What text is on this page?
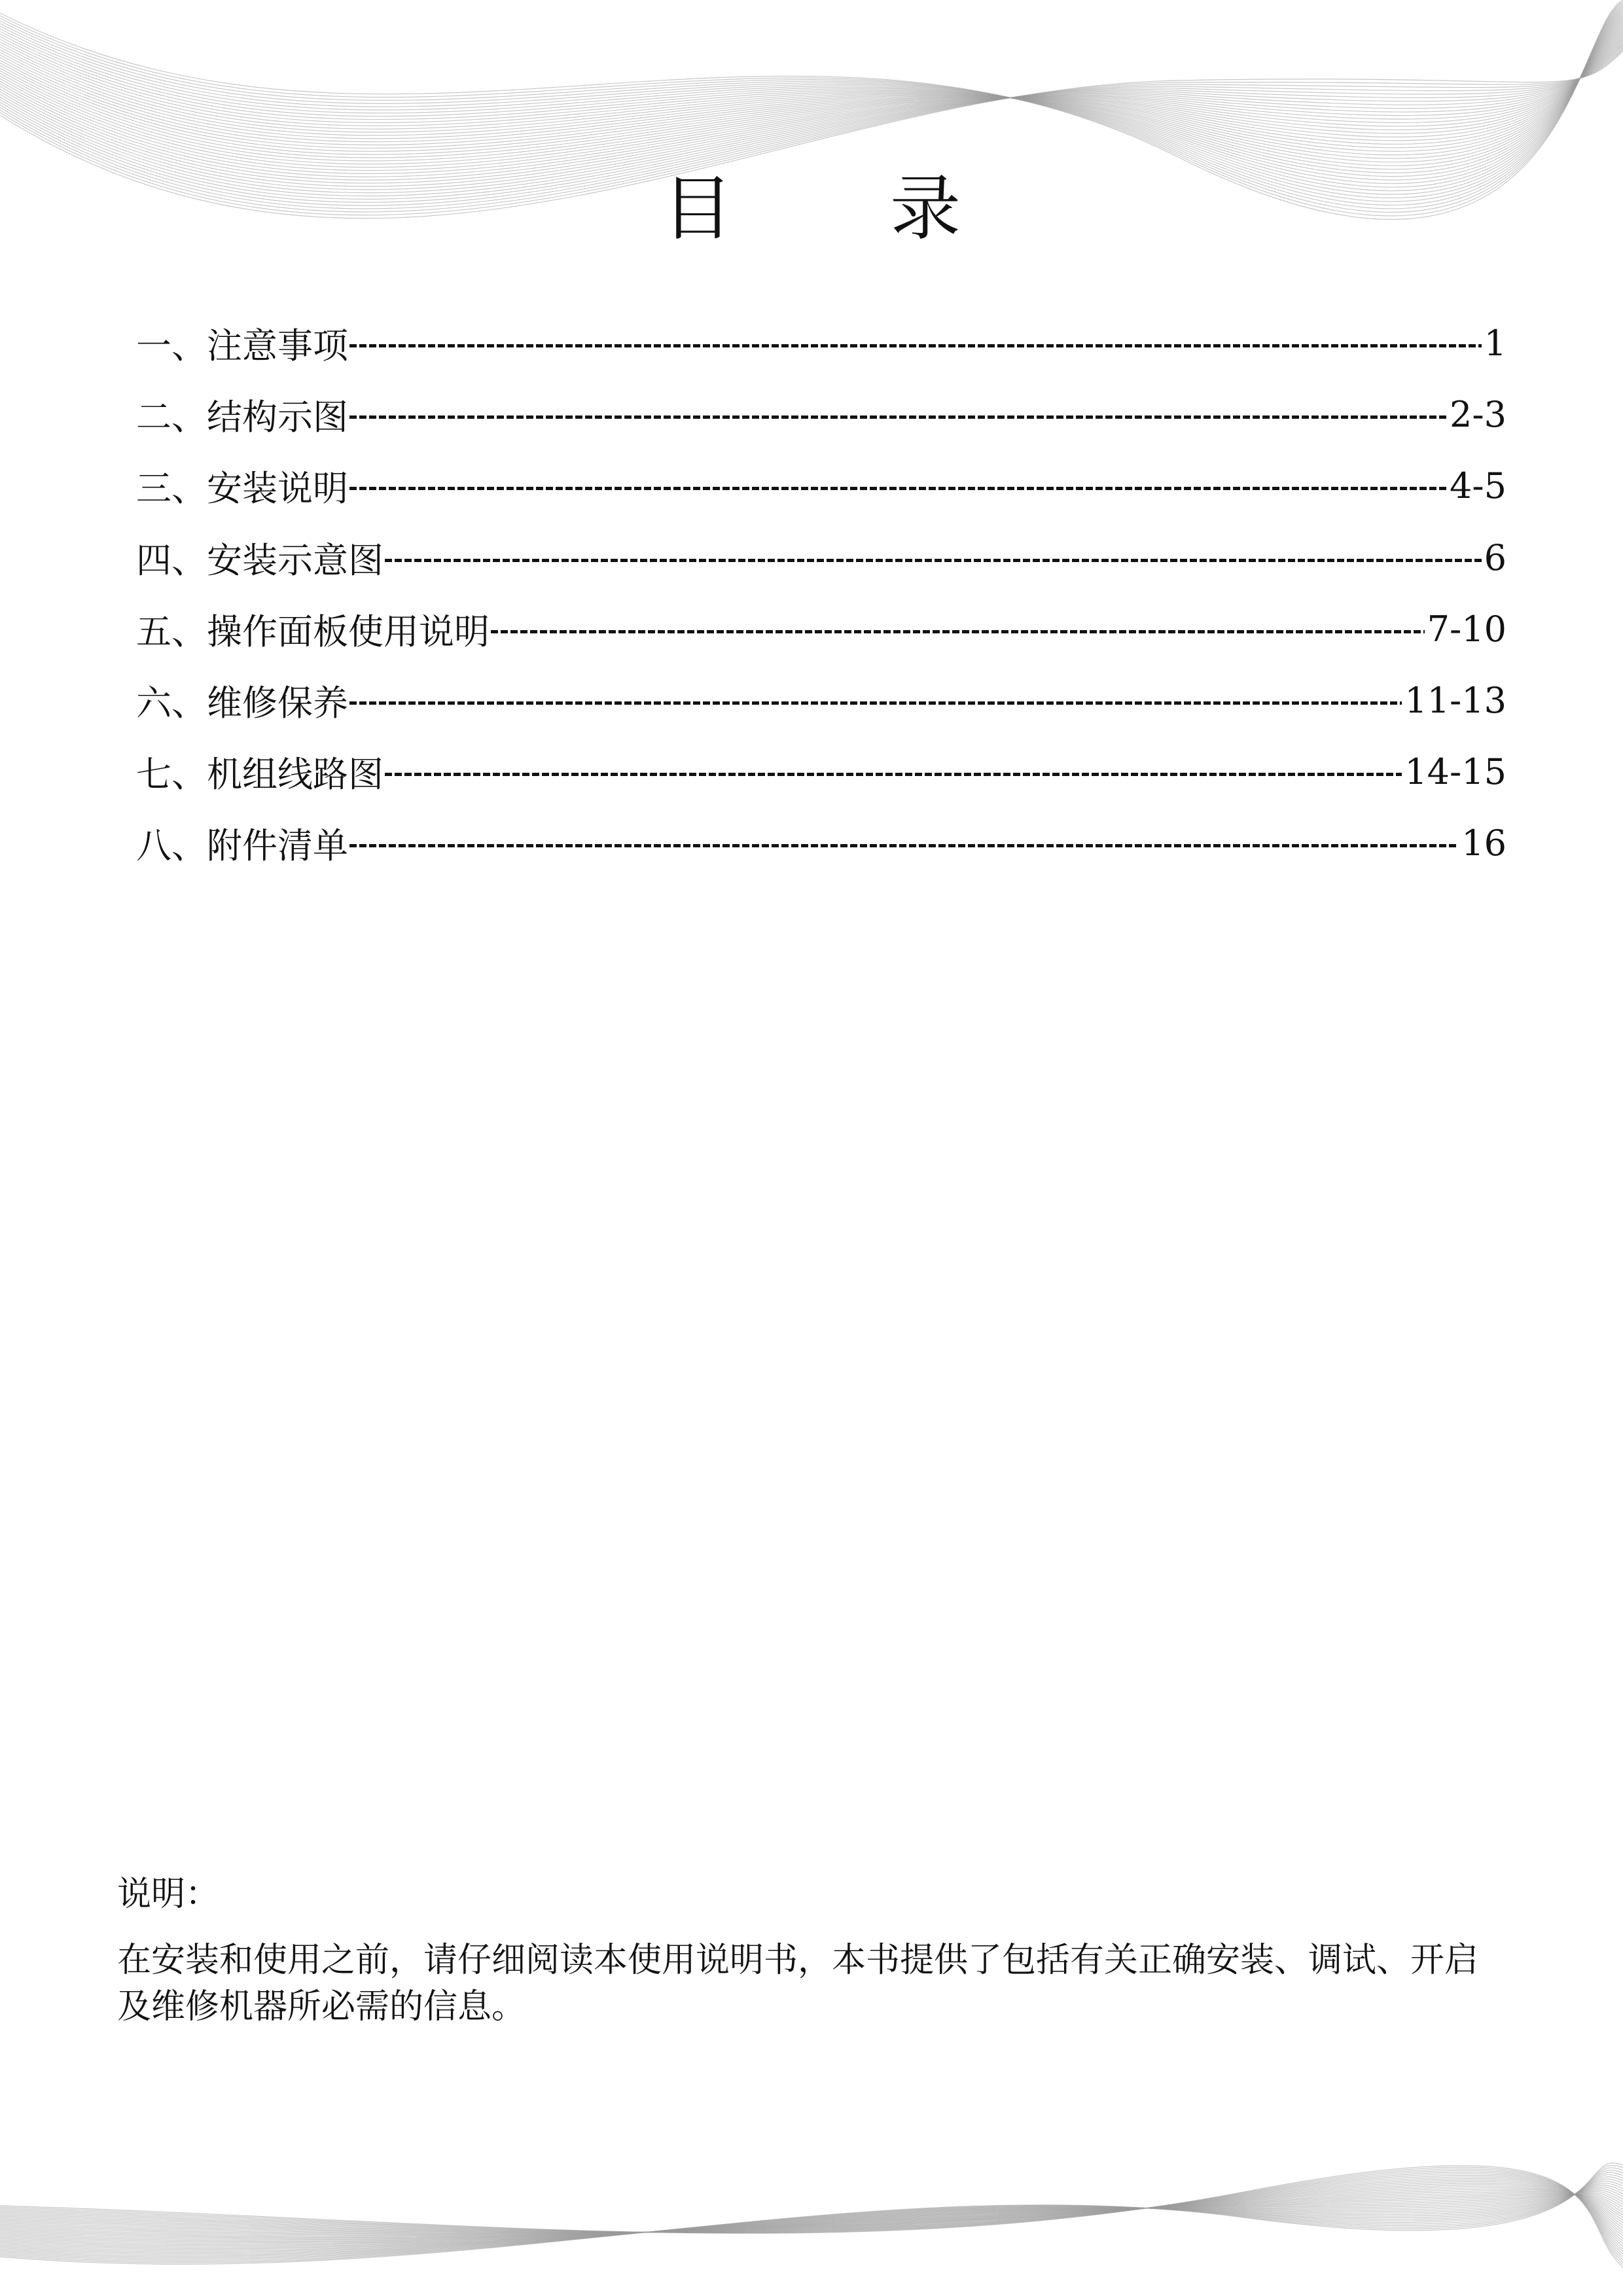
目 录
一、注意事项	1
二、结构示图	2-3
三、安装说明	4-5
四、安装示意图	6
五、操作面板使用说明	7-10
六、维修保养	11-13
七、机组线路图	14-15
八、附件清单	16
说明：
在安装和使用之前，请仔细阅读本使用说明书，本书提供了包括有关正确安装、调试、开启及维修机器所必需的信息。
